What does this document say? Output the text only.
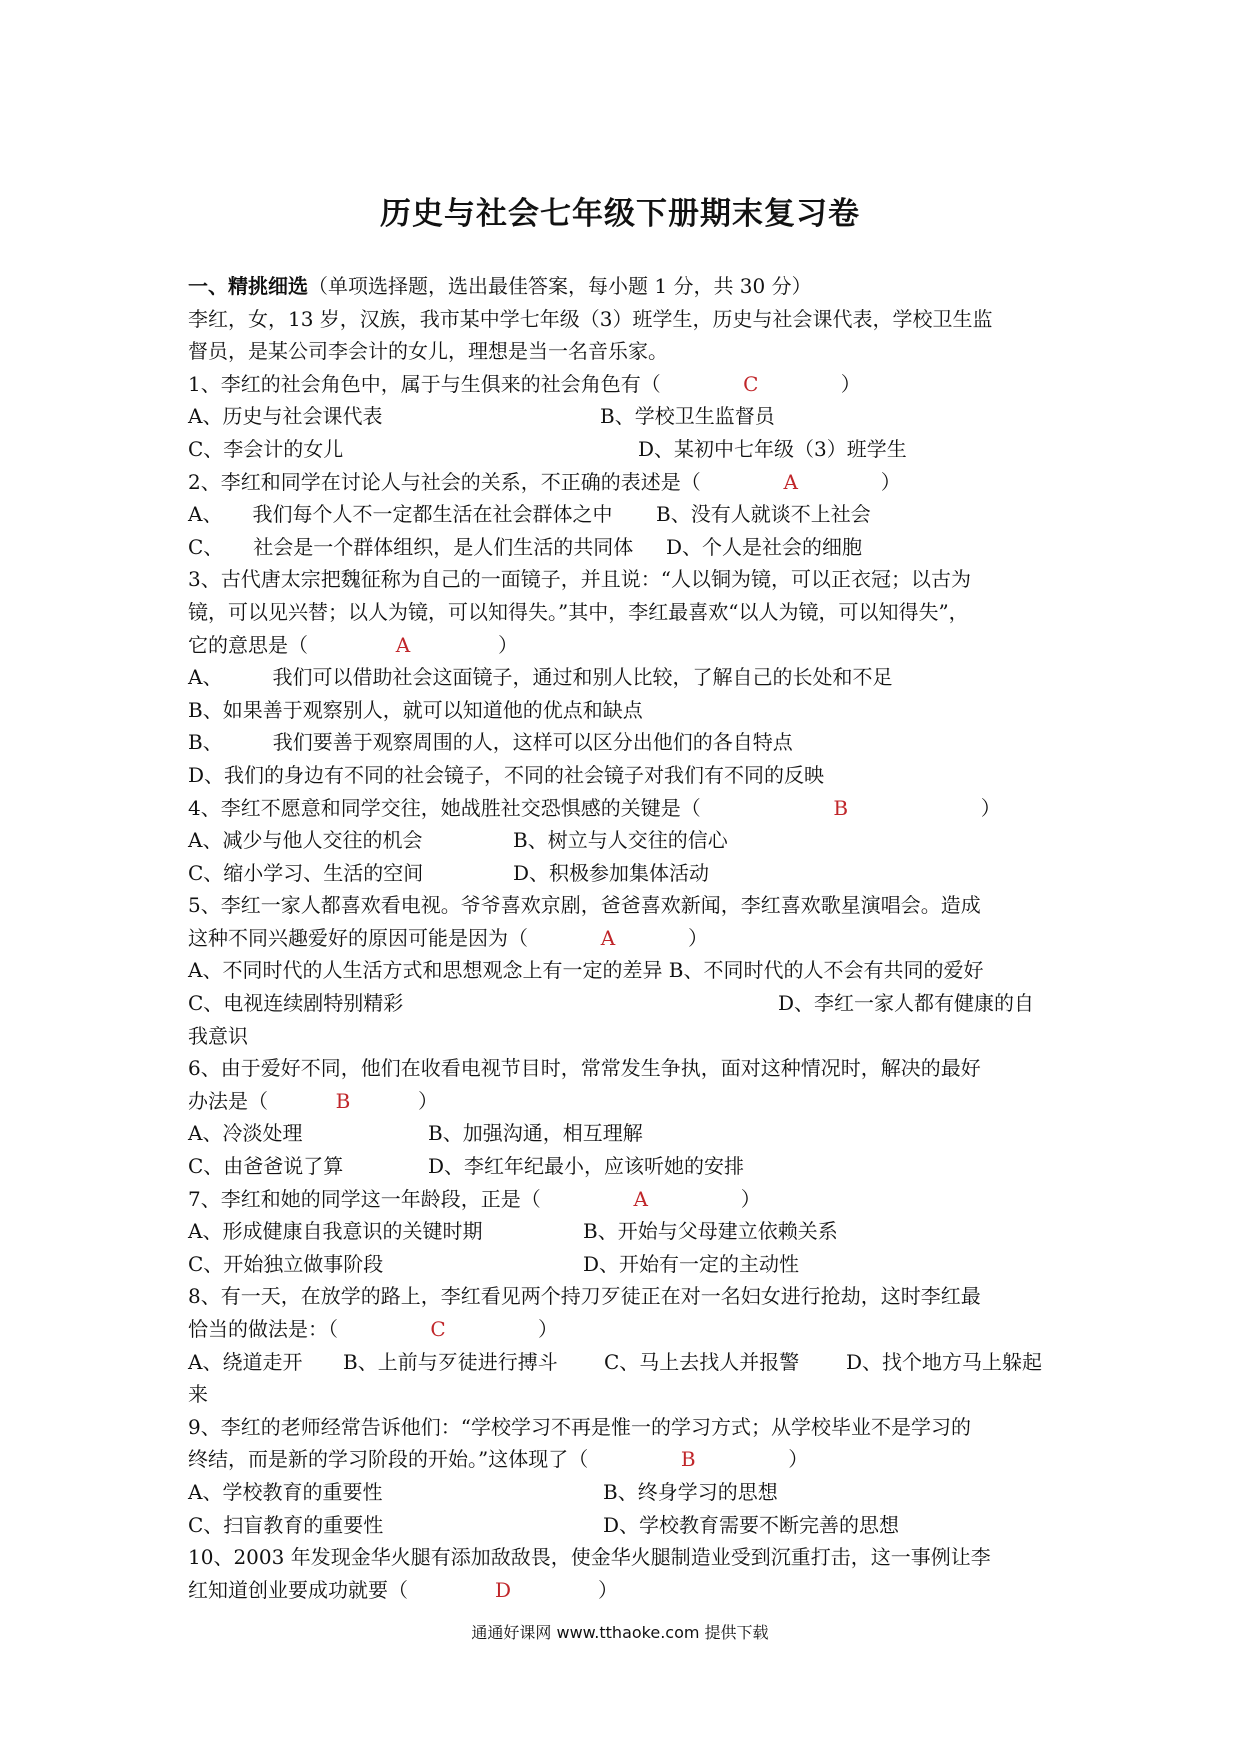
历史与社会七年级下册期末复习卷
一、精挑细选（单项选择题，选出最佳答案，每小题 1 分，共 30 分）
李红，女，13 岁，汉族，我市某中学七年级（3）班学生，历史与社会课代表，学校卫生监
督员，是某公司李会计的女儿，理想是当一名音乐家。
1、李红的社会角色中，属于与生俱来的社会角色有（	C	）
A、历史与社会课代表	B、学校卫生监督员
C、李会计的女儿	D、某初中七年级（3）班学生
2、李红和同学在讨论人与社会的关系，不正确的表述是（	A	）
A、　　我们每个人不一定都生活在社会群体之中 B、没有人就谈不上社会
C、　　社会是一个群体组织，是人们生活的共同体 D、个人是社会的细胞
3、古代唐太宗把魏征称为自己的一面镜子，并且说：“人以铜为镜，可以正衣冠；以古为
镜，可以见兴替；以人为镜，可以知得失。”其中，李红最喜欢“以人为镜，可以知得失”，
它的意思是（	A	）
A、　　　我们可以借助社会这面镜子，通过和别人比较，了解自己的长处和不足
B、如果善于观察别人，就可以知道他的优点和缺点
B、　　　我们要善于观察周围的人，这样可以区分出他们的各自特点
D、我们的身边有不同的社会镜子，不同的社会镜子对我们有不同的反映
4、李红不愿意和同学交往，她战胜社交恐惧感的关键是（	B	）
A、减少与他人交往的机会	B、树立与人交往的信心
C、缩小学习、生活的空间	D、积极参加集体活动
5、李红一家人都喜欢看电视。爷爷喜欢京剧，爸爸喜欢新闻，李红喜欢歌星演唱会。造成
这种不同兴趣爱好的原因可能是因为（	A	）
A、不同时代的人生活方式和思想观念上有一定的差异 B、不同时代的人不会有共同的爱好
C、电视连续剧特别精彩	D、李红一家人都有健康的自
我意识
6、由于爱好不同，他们在收看电视节目时，常常发生争执，面对这种情况时，解决的最好
办法是（	B	）
A、冷淡处理	B、加强沟通，相互理解
C、由爸爸说了算	D、李红年纪最小，应该听她的安排
7、李红和她的同学这一年龄段，正是（	A	）
A、形成健康自我意识的关键时期	B、开始与父母建立依赖关系
C、开始独立做事阶段	D、开始有一定的主动性
8、有一天，在放学的路上，李红看见两个持刀歹徒正在对一名妇女进行抢劫，这时李红最
恰当的做法是：（	C	）
A、绕道走开 B、上前与歹徒进行搏斗 C、马上去找人并报警 D、找个地方马上躲起
来
9、李红的老师经常告诉他们：“学校学习不再是惟一的学习方式；从学校毕业不是学习的
终结，而是新的学习阶段的开始。”这体现了（	B	）
A、学校教育的重要性	B、终身学习的思想
C、扫盲教育的重要性	D、学校教育需要不断完善的思想
10、2003 年发现金华火腿有添加敌敌畏，使金华火腿制造业受到沉重打击，这一事例让李
红知道创业要成功就要（	D	）
通通好课网 www.tthaoke.com 提供下载
